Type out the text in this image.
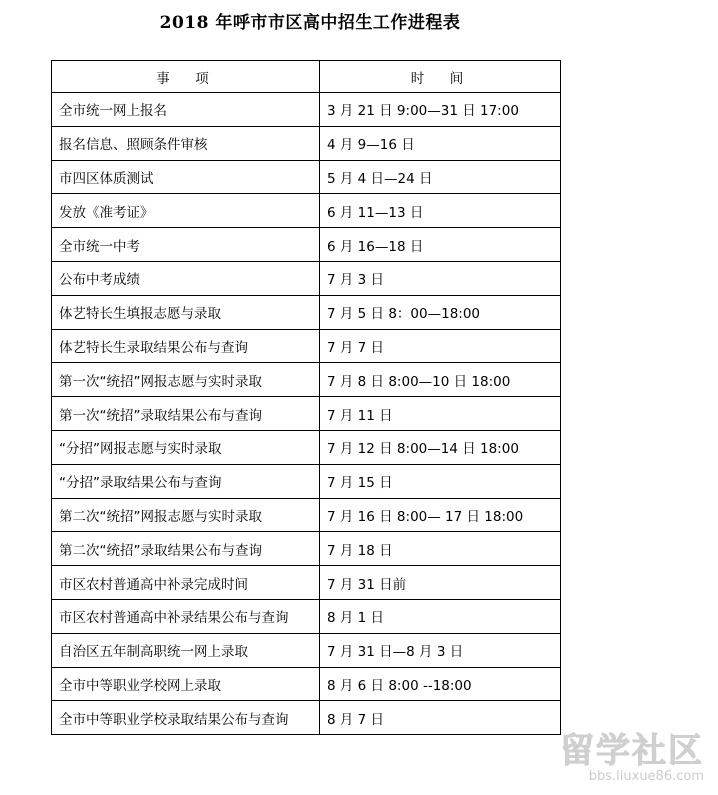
2018 年呼市市区高中招生工作进程表
事　项	时　间
全市统一网上报名	3 月 21 日 9:00—31 日 17:00
报名信息、照顾条件审核	4 月 9—16 日
市四区体质测试	5 月 4 日—24 日
发放《准考证》	6 月 11—13 日
全市统一中考	6 月 16—18 日
公布中考成绩	7 月 3 日
体艺特长生填报志愿与录取	7 月 5 日 8：00—18:00
体艺特长生录取结果公布与查询	7 月 7 日
第一次“统招”网报志愿与实时录取	7 月 8 日 8:00—10 日 18:00
第一次“统招”录取结果公布与查询	7 月 11 日
“分招”网报志愿与实时录取	7 月 12 日 8:00—14 日 18:00
“分招”录取结果公布与查询	7 月 15 日
第二次“统招”网报志愿与实时录取	7 月 16 日 8:00— 17 日 18:00
第二次“统招”录取结果公布与查询	7 月 18 日
市区农村普通高中补录完成时间	7 月 31 日前
市区农村普通高中补录结果公布与查询	8 月 1 日
自治区五年制高职统一网上录取	7 月 31 日—8 月 3 日
全市中等职业学校网上录取	8 月 6 日 8:00 --18:00
全市中等职业学校录取结果公布与查询	8 月 7 日
留学社区
bbs.liuxue86.com
